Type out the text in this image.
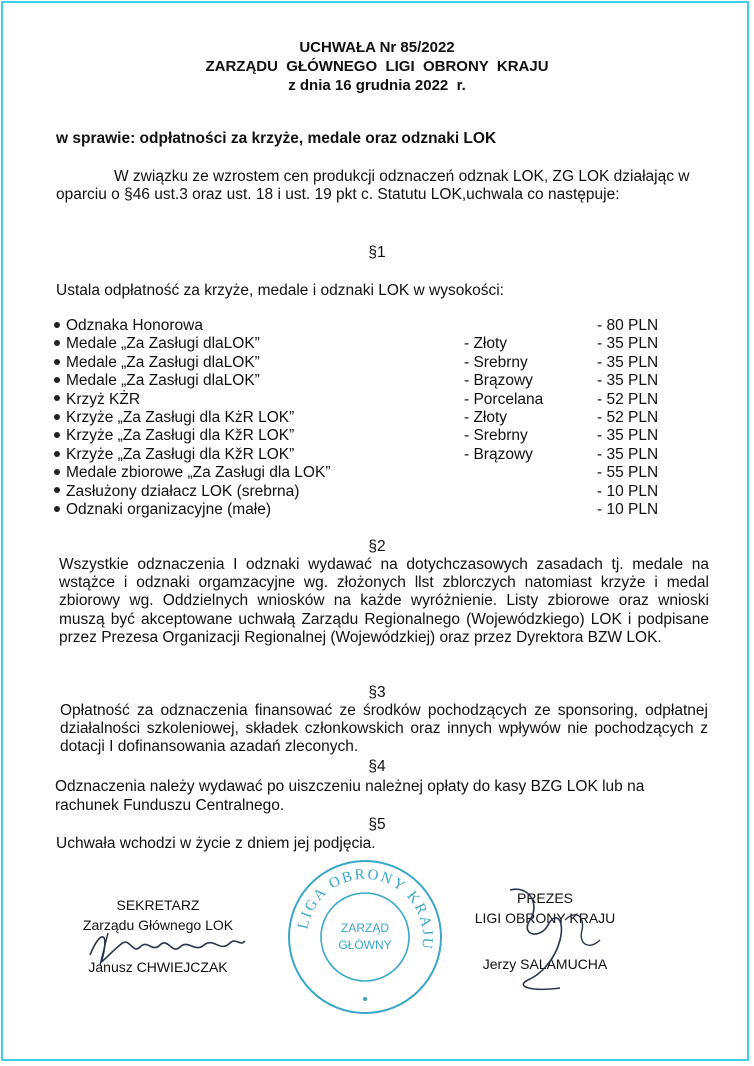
UCHWAŁA Nr 85/2022
ZARZĄDU  GŁÓWNEGO  LIGI  OBRONY  KRAJU
z dnia 16 grudnia 2022  r.
w sprawie: odpłatności za krzyże, medale oraz odznaki LOK
W związku ze wzrostem cen produkcji odznaczeń odznak LOK, ZG LOK działając w oparciu o §46 ust.3 oraz ust. 18 i ust. 19 pkt c. Statutu LOK,uchwala co następuje:
§1
Ustala odpłatność za krzyże, medale i odznaki LOK w wysokości:
Odznaka Honorowa	- 80 PLN
Medale „Za Zasługi dlaLOK”	- Złoty	- 35 PLN
Medale „Za Zasługi dlaLOK”	- Srebrny	- 35 PLN
Medale „Za Zasługi dlaLOK”	- Brązowy	- 35 PLN
Krzyż KŻR	- Porcelana	- 52 PLN
Krzyże „Za Zasługi dla KżR LOK”	- Złoty	- 52 PLN
Krzyże „Za Zasługi dla KžR LOK”	- Srebrny	- 35 PLN
Krzyże „Za Zasługi dla KžR LOK”	- Brązowy	- 35 PLN
Medale zbiorowe „Za Zasługi dla LOK”	- 55 PLN
Zasłużony działacz LOK (srebrna)	- 10 PLN
Odznaki organizacyjne (małe)	- 10 PLN
§2
Wszystkie odznaczenia I odznaki wydawać na dotychczasowych zasadach tj. medale na wstążce i odznaki orgamzacyjne wg. złożonych llst zblorczych natomiast krzyże i medal zbiorowy wg. Oddzielnych wniosków na każde wyróżnienie. Listy zbiorowe oraz wnioski muszą być akceptowane uchwałą Zarządu Regionalnego (Wojewódzkiego) LOK i podpisane przez Prezesa Organizacji Regionalnej (Wojewódzkiej) oraz przez Dyrektora BZW LOK.
§3
Opłatność za odznaczenia finansować ze środków pochodzących ze sponsoring, odpłatnej działalności szkoleniowej, składek członkowskich oraz innych wpływów nie pochodzących z dotacji I dofinansowania azadań zleconych.
§4
Odznaczenia należy wydawać po uiszczeniu należnej opłaty do kasy BZG LOK lub na rachunek Funduszu Centralnego.
§5
Uchwała wchodzi w życie z dniem jej podjęcia.
SEKRETARZ
Zarządu Głównego LOK
Janusz CHWIEJCZAK
LIGA OBRONY KRAJU
ZARZĄD
GŁÓWNY
PREZES
LIGI OBRONY KRAJU
Jerzy SALAMUCHA
